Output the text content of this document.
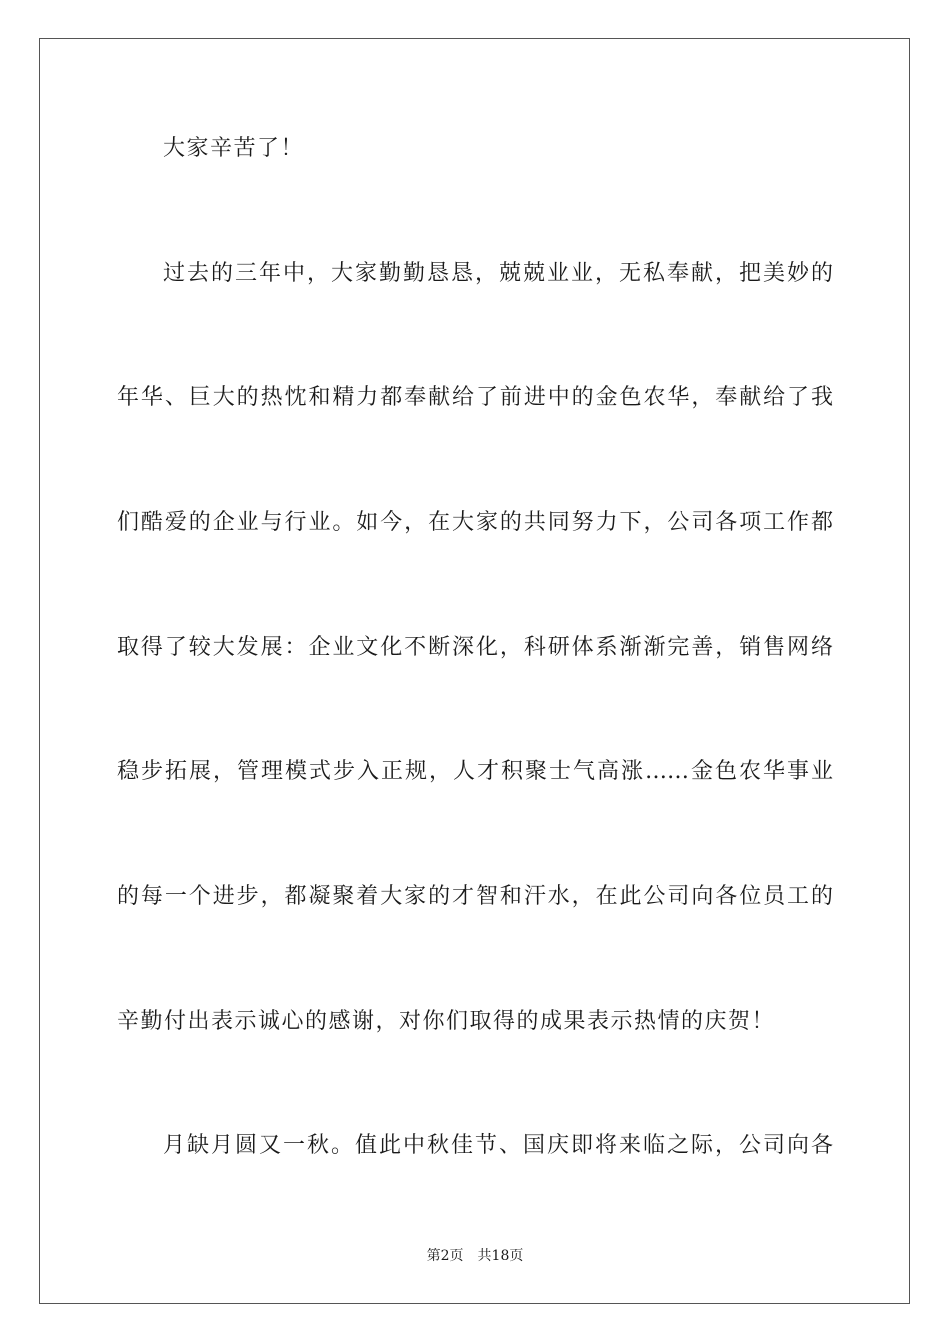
大家辛苦了！
过去的三年中，大家勤勤恳恳，兢兢业业，无私奉献，把美妙的
年华、巨大的热忱和精力都奉献给了前进中的金色农华，奉献给了我
们酷爱的企业与行业。如今，在大家的共同努力下，公司各项工作都
取得了较大发展：企业文化不断深化，科研体系渐渐完善，销售网络
稳步拓展，管理模式步入正规，人才积聚士气高涨……金色农华事业
的每一个进步，都凝聚着大家的才智和汗水，在此公司向各位员工的
辛勤付出表示诚心的感谢，对你们取得的成果表示热情的庆贺！
月缺月圆又一秋。值此中秋佳节、国庆即将来临之际，公司向各
第2页 共18页
